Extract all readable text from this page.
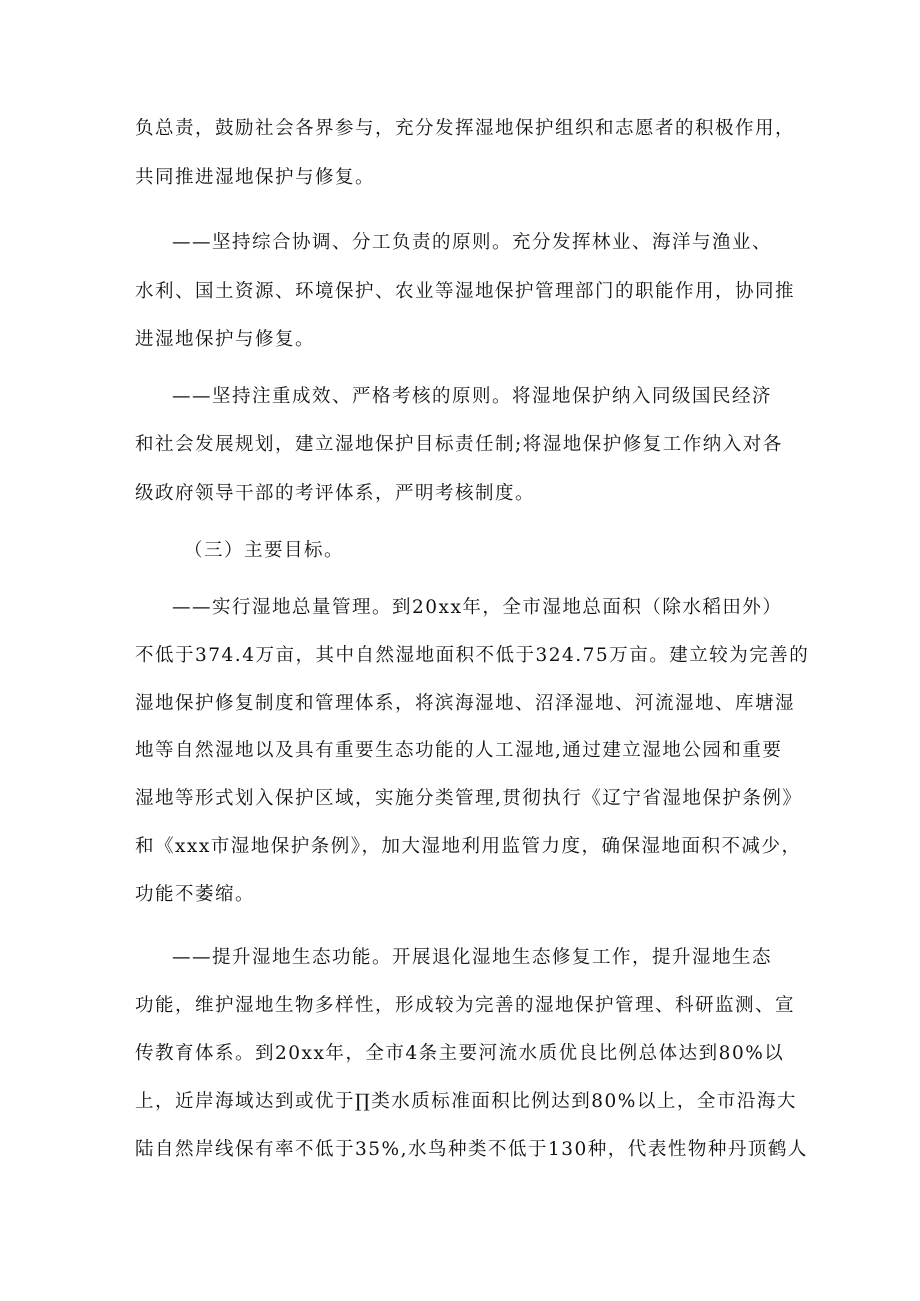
负总责，鼓励社会各界参与，充分发挥湿地保护组织和志愿者的积极作用，
共同推进湿地保护与修复。
——坚持综合协调、分工负责的原则。充分发挥林业、海洋与渔业、
水利、国土资源、环境保护、农业等湿地保护管理部门的职能作用，协同推
进湿地保护与修复。
——坚持注重成效、严格考核的原则。将湿地保护纳入同级国民经济
和社会发展规划，建立湿地保护目标责任制;将湿地保护修复工作纳入对各
级政府领导干部的考评体系，严明考核制度。
（三）主要目标。
——实行湿地总量管理。到20xx年，全市湿地总面积（除水稻田外）
不低于374.4万亩，其中自然湿地面积不低于324.75万亩。建立较为完善的
湿地保护修复制度和管理体系，将滨海湿地、沼泽湿地、河流湿地、库塘湿
地等自然湿地以及具有重要生态功能的人工湿地,通过建立湿地公园和重要
湿地等形式划入保护区域，实施分类管理,贯彻执行《辽宁省湿地保护条例》
和《xxx市湿地保护条例》，加大湿地利用监管力度，确保湿地面积不减少，
功能不萎缩。
——提升湿地生态功能。开展退化湿地生态修复工作，提升湿地生态
功能，维护湿地生物多样性，形成较为完善的湿地保护管理、科研监测、宣
传教育体系。到20xx年，全市4条主要河流水质优良比例总体达到80%以
上，近岸海域达到或优于∏类水质标准面积比例达到80%以上，全市沿海大
陆自然岸线保有率不低于35%,水鸟种类不低于130种，代表性物种丹顶鹤人
